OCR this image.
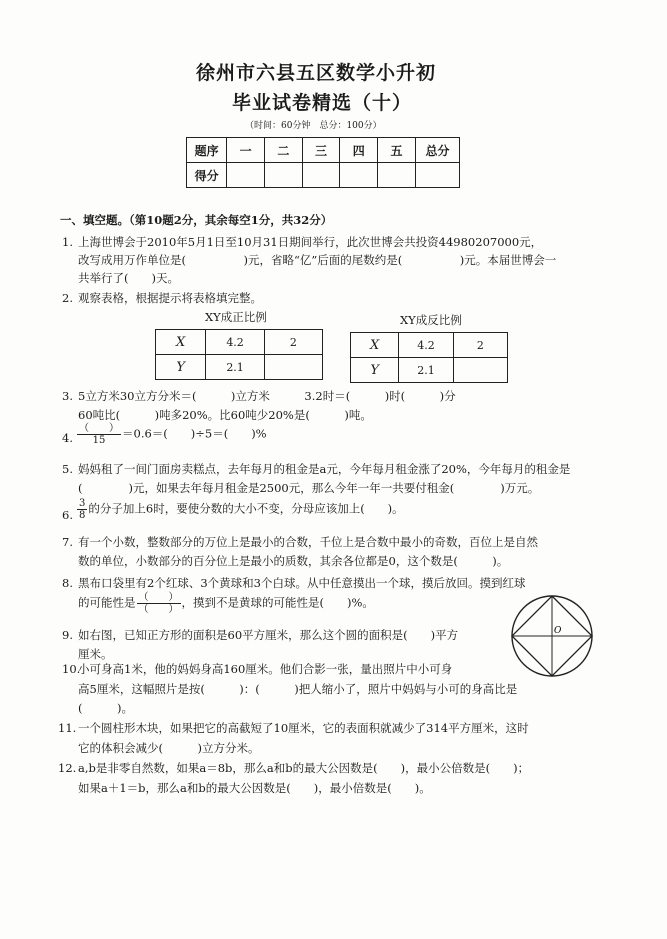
徐州市六县五区数学小升初
毕业试卷精选（十）
（时间：60分钟　总分：100分）
题序	一	二	三	四	五	总分
得分						
一、填空题。（第10题2分，其余每空1分，共32分）
1. 上海世博会于2010年5月1日至10月31日期间举行，此次世博会共投资44980207000元，
改写成用万作单位是(　　　　　)元，省略“亿”后面的尾数约是(　　　　　)元。本届世博会一
共举行了(　　)天。
2. 观察表格，根据提示将表格填完整。
XY成正比例
X	4.2	2
Y	2.1	
XY成反比例
X	4.2	2
Y	2.1	
3. 5立方米30立方分米＝(　　　)立方米　　　3.2时＝(　　　)时(　　　)分
60吨比(　　　)吨多20%。比60吨少20%是(　　　)吨。
4. $\frac{( )}{15} =0.6=$(　　)÷5＝(　　)%
5. 妈妈租了一间门面房卖糕点，去年每月的租金是a元，今年每月租金涨了20%，今年每月的租金是
(　　　　)元，如果去年每月租金是2500元，那么今年一年一共要付租金(　　　　)万元。
6. $\frac{3}{8}$ 的分子加上6时，要使分数的大小不变，分母应该加上(　　)。
7. 有一个小数，整数部分的万位上是最小的合数，千位上是合数中最小的奇数，百位上是自然
数的单位，小数部分的百分位上是最小的质数，其余各位都是0，这个数是(　　　)。
8. 黑布口袋里有2个红球、3个黄球和3个白球。从中任意摸出一个球，摸后放回。摸到红球
的可能性是 $\frac{( )}{( )}$ ，摸到不是黄球的可能性是(　　)%。
9. 如右图，已知正方形的面积是60平方厘米，那么这个圆的面积是(　　)平方
厘米。
O
10.
小可身高1米，他的妈妈身高160厘米。他们合影一张，量出照片中小可身
高5厘米，这幅照片是按(　　　)：(　　　)把人缩小了，照片中妈妈与小可的身高比是
(　　　)。
11. 一个圆柱形木块，如果把它的高截短了10厘米，它的表面积就减少了314平方厘米，这时
它的体积会减少(　　　)立方分米。
12. a,b是非零自然数，如果a＝8b，那么a和b的最大公因数是(　　)，最小公倍数是(　　)；
如果a＋1＝b，那么a和b的最大公因数是(　　)，最小倍数是(　　)。
